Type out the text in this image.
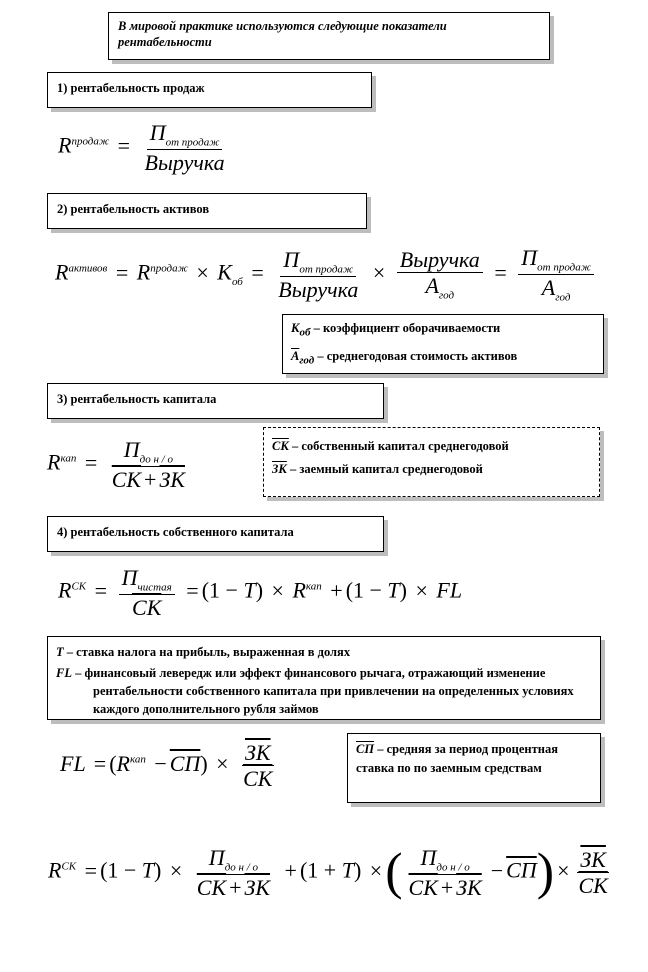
В мировой практике используются следующие показатели рентабельности
1) рентабельность продаж
$R^{продаж} = \frac{П_{от продаж}}{\text{Выручка}}$
2) рентабельность активов
$R^{активов} = R^{продаж} \times K_{об} = \frac{П_{от продаж}}{\text{Выручка}} \times \frac{\text{Выручка}}{А_{год}} = \frac{П_{от продаж}}{А_{год}}$
$К_{об}$ – коэффициент оборачиваемости
$А_{год}$ – среднегодовая стоимость активов
3) рентабельность капитала
$R^{кап} = \frac{П_{до н / о}}{СК + ЗК}$	СК – собственный капитал среднегодовой
ЗК – заемный капитал среднегодовой
4) рентабельность собственного капитала
$R^{CK} = \frac{П_{чистая}}{СК} = (1 - T) \times R^{кап} + (1 - T)$ × FL
Т – ставка налога на прибыль, выраженная в долях
FL – финансовый левередж или эффект финансового рычага, отражающий изменение рентабельности собственного капитала при привлечении на определенных условиях каждого дополнительного рубля займов
FL = $(R^{кап} - СП) \times \frac{ЗК}{СК}$	СП – средняя за период процентная ставка по по заемным средствам
$R^{CK} = (1 - T) \times \frac{П_{до н / о}}{СК + ЗК} + (1 + T)$ ×( $\frac{П_{до н / о}}{СК + ЗК} - СП) \times \frac{ЗК}{СК}$
